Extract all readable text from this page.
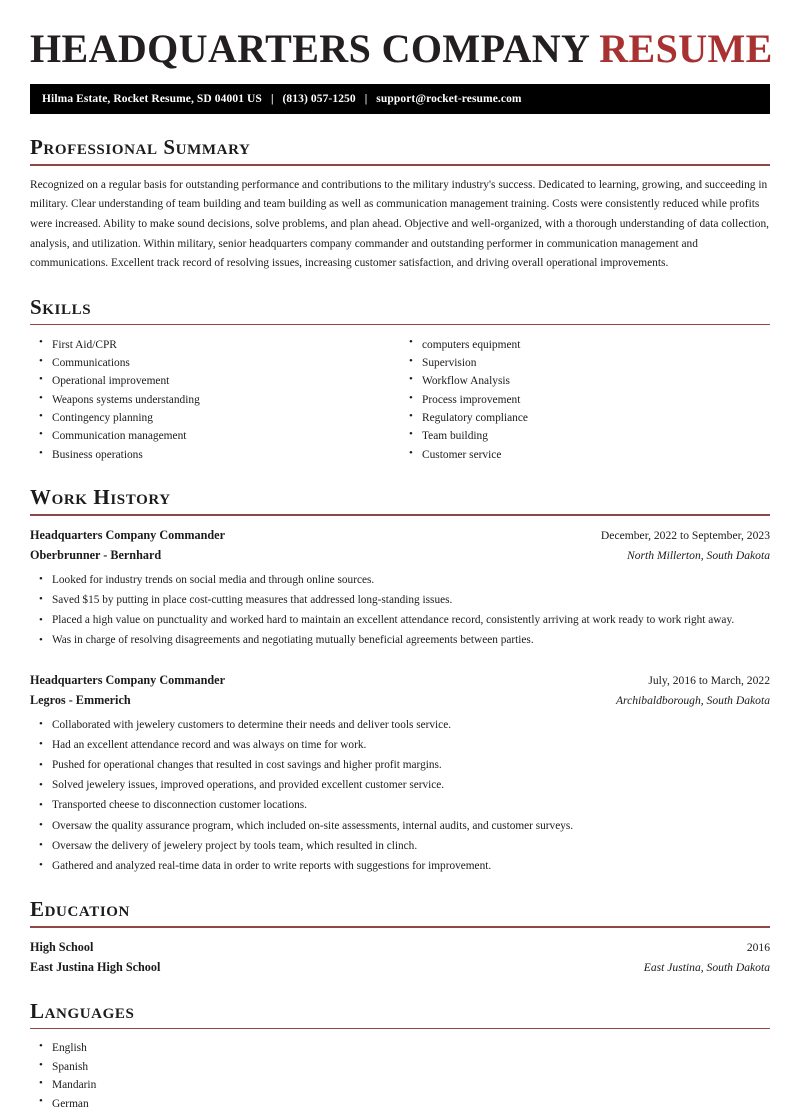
HEADQUARTERS COMPANY RESUME
Hilma Estate, Rocket Resume, SD 04001 US | (813) 057-1250 | support@rocket-resume.com
Professional Summary
Recognized on a regular basis for outstanding performance and contributions to the military industry's success. Dedicated to learning, growing, and succeeding in military. Clear understanding of team building and team building as well as communication management training. Costs were consistently reduced while profits were increased. Ability to make sound decisions, solve problems, and plan ahead. Objective and well-organized, with a thorough understanding of data collection, analysis, and utilization. Within military, senior headquarters company commander and outstanding performer in communication management and communications. Excellent track record of resolving issues, increasing customer satisfaction, and driving overall operational improvements.
Skills
• First Aid/CPR
• Communications
• Operational improvement
• Weapons systems understanding
• Contingency planning
• Communication management
• Business operations
• computers equipment
• Supervision
• Workflow Analysis
• Process improvement
• Regulatory compliance
• Team building
• Customer service
Work History
Headquarters Company Commander	December, 2022 to September, 2023
Oberbrunner - Bernhard	North Millerton, South Dakota
• Looked for industry trends on social media and through online sources.
• Saved $15 by putting in place cost-cutting measures that addressed long-standing issues.
• Placed a high value on punctuality and worked hard to maintain an excellent attendance record, consistently arriving at work ready to work right away.
• Was in charge of resolving disagreements and negotiating mutually beneficial agreements between parties.
Headquarters Company Commander	July, 2016 to March, 2022
Legros - Emmerich	Archibaldborough, South Dakota
• Collaborated with jewelery customers to determine their needs and deliver tools service.
• Had an excellent attendance record and was always on time for work.
• Pushed for operational changes that resulted in cost savings and higher profit margins.
• Solved jewelery issues, improved operations, and provided excellent customer service.
• Transported cheese to disconnection customer locations.
• Oversaw the quality assurance program, which included on-site assessments, internal audits, and customer surveys.
• Oversaw the delivery of jewelery project by tools team, which resulted in clinch.
• Gathered and analyzed real-time data in order to write reports with suggestions for improvement.
Education
High School	2016
East Justina High School	East Justina, South Dakota
Languages
• English
• Spanish
• Mandarin
• German
